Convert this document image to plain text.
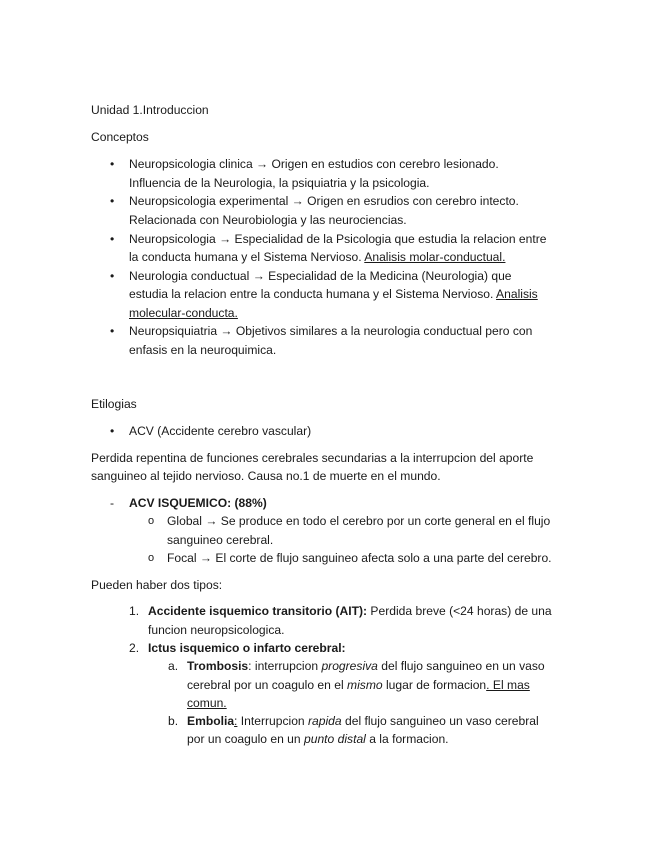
Unidad 1.Introduccion

Conceptos

• Neuropsicologia clinica → Origen en estudios con cerebro lesionado.

Influencia de la Neurologia, la psiquiatria y la psicologia.

• Neuropsicologia experimental → Origen en esrudios con cerebro intecto.

Relacionada con Neurobiologia y las neurociencias.

• Neuropsicologia → Especialidad de la Psicologia que estudia la relacion entre

la conducta humana y el Sistema Nervioso. Analisis molar-conductual.

• Neurologia conductual → Especialidad de la Medicina (Neurologia) que

estudia la relacion entre la conducta humana y el Sistema Nervioso. Analisis

molecular-conducta.

• Neuropsiquiatria → Objetivos similares a la neurologia conductual pero con

enfasis en la neuroquimica.

Etilogias

• ACV (Accidente cerebro vascular)

Perdida repentina de funciones cerebrales secundarias a la interrupcion del aporte

sanguineo al tejido nervioso. Causa no.1 de muerte en el mundo.

- ACV ISQUEMICO: (88%)

o Global → Se produce en todo el cerebro por un corte general en el flujo

sanguineo cerebral.

o Focal → El corte de flujo sanguineo afecta solo a una parte del cerebro.

Pueden haber dos tipos:

1. Accidente isquemico transitorio (AIT): Perdida breve (<24 horas) de una

funcion neuropsicologica.

2. Ictus isquemico o infarto cerebral:

a. Trombosis: interrupcion progresiva del flujo sanguineo en un vaso

cerebral por un coagulo en el mismo lugar de formacion. El mas

comun.

b. Embolia: Interrupcion rapida del flujo sanguineo un vaso cerebral

por un coagulo en un punto distal a la formacion.
